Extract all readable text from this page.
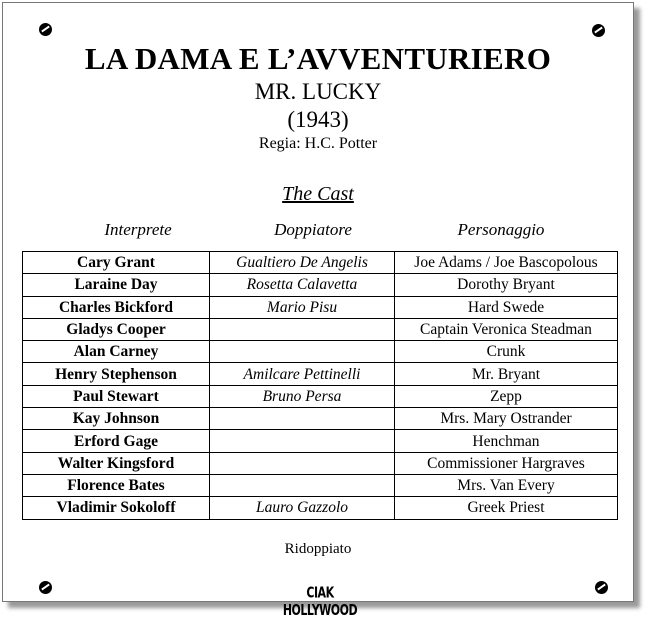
LA DAMA E L’AVVENTURIERO
MR. LUCKY
(1943)
Regia: H.C. Potter
The Cast
Interprete	Doppiatore	Personaggio
Cary Grant	Gualtiero De Angelis	Joe Adams / Joe Bascopolous
Laraine Day	Rosetta Calavetta	Dorothy Bryant
Charles Bickford	Mario Pisu	Hard Swede
Gladys Cooper		Captain Veronica Steadman
Alan Carney		Crunk
Henry Stephenson	Amilcare Pettinelli	Mr. Bryant
Paul Stewart	Bruno Persa	Zepp
Kay Johnson		Mrs. Mary Ostrander
Erford Gage		Henchman
Walter Kingsford		Commissioner Hargraves
Florence Bates		Mrs. Van Every
Vladimir Sokoloff	Lauro Gazzolo	Greek Priest
Ridoppiato
CIAK HOLLYWOOD
